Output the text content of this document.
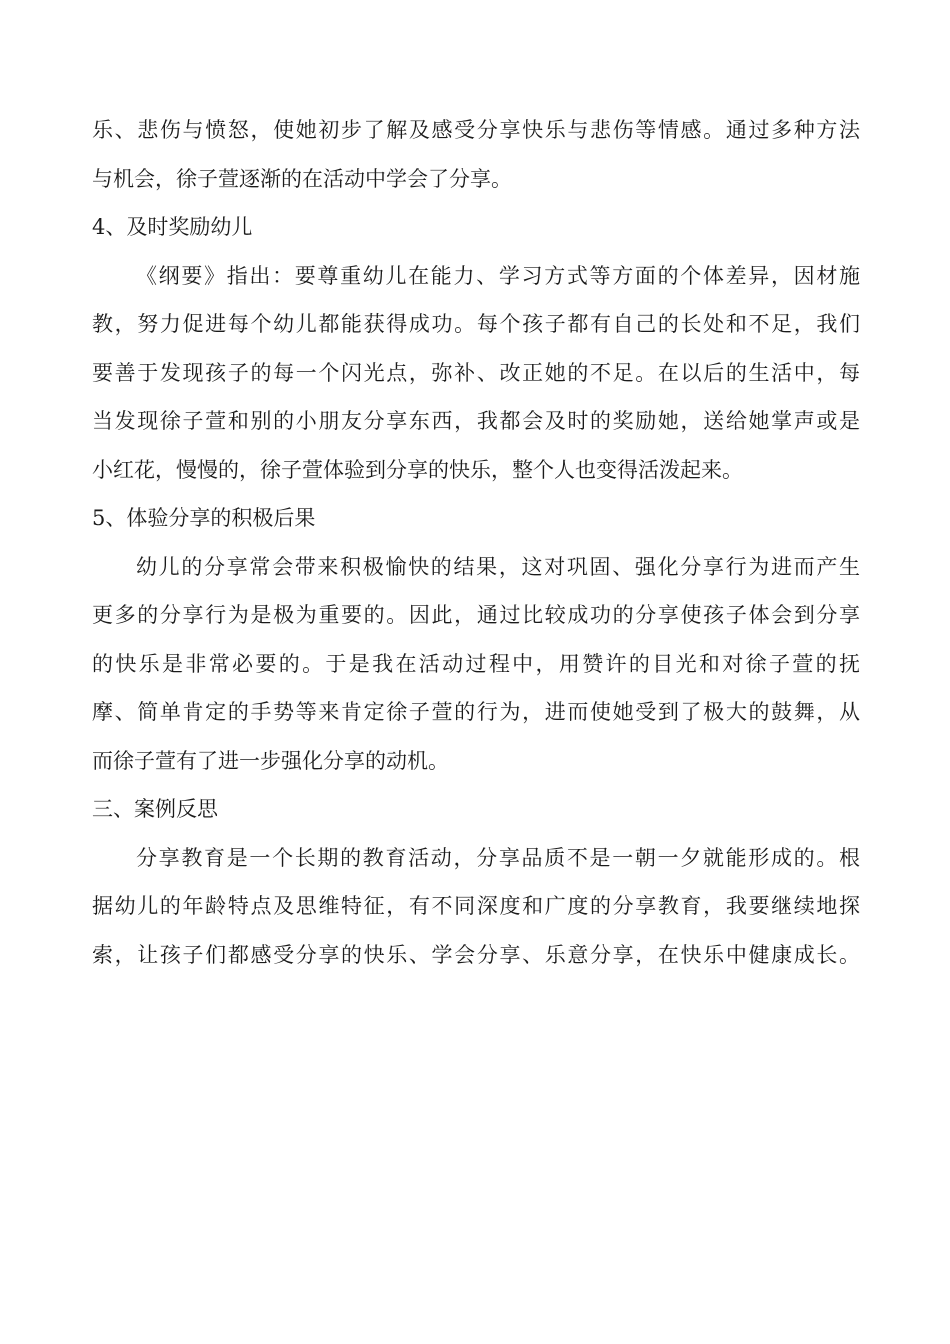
乐、悲伤与愤怒，使她初步了解及感受分享快乐与悲伤等情感。通过多种方法
与机会，徐子萱逐渐的在活动中学会了分享。
4、及时奖励幼儿
《纲要》指出：要尊重幼儿在能力、学习方式等方面的个体差异，因材施
教，努力促进每个幼儿都能获得成功。每个孩子都有自己的长处和不足，我们
要善于发现孩子的每一个闪光点，弥补、改正她的不足。在以后的生活中，每
当发现徐子萱和别的小朋友分享东西，我都会及时的奖励她，送给她掌声或是
小红花，慢慢的，徐子萱体验到分享的快乐，整个人也变得活泼起来。
5、体验分享的积极后果
幼儿的分享常会带来积极愉快的结果，这对巩固、强化分享行为进而产生
更多的分享行为是极为重要的。因此，通过比较成功的分享使孩子体会到分享
的快乐是非常必要的。于是我在活动过程中，用赞许的目光和对徐子萱的抚
摩、简单肯定的手势等来肯定徐子萱的行为，进而使她受到了极大的鼓舞，从
而徐子萱有了进一步强化分享的动机。
三、案例反思
分享教育是一个长期的教育活动，分享品质不是一朝一夕就能形成的。根
据幼儿的年龄特点及思维特征，有不同深度和广度的分享教育，我要继续地探
索，让孩子们都感受分享的快乐、学会分享、乐意分享，在快乐中健康成长。
